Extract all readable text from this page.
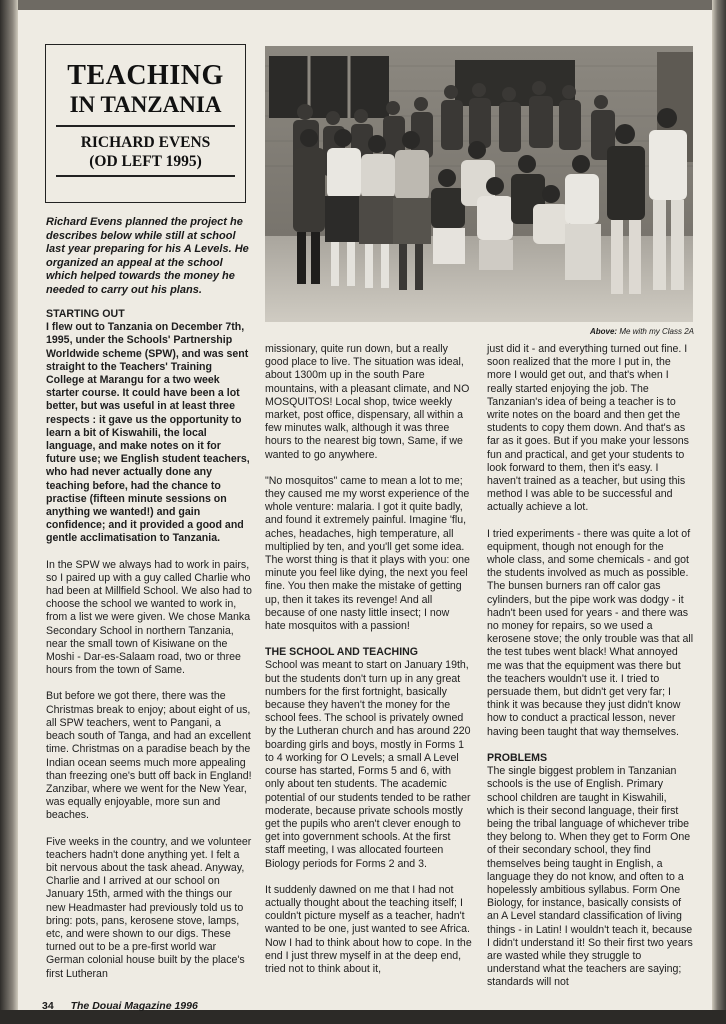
TEACHING
IN TANZANIA
RICHARD EVENS
(OD LEFT 1995)
Richard Evens planned the project he describes below while still at school last year preparing for his A Levels. He organized an appeal at the school which helped towards the money he needed to carry out his plans.
Above: Me with my Class 2A
STARTING OUT

I flew out to Tanzania on December 7th, 1995, under the Schools' Partnership Worldwide scheme (SPW), and was sent straight to the Teachers' Training College at Marangu for a two week starter course. It could have been a lot better, but was useful in at least three respects : it gave us the opportunity to learn a bit of Kiswahili, the local language, and make notes on it for future use; we English student teachers, who had never actually done any teaching before, had the chance to practise (fifteen minute sessions on anything we wanted!) and gain confidence; and it provided a good and gentle acclimatisation to Tanzania.

In the SPW we always had to work in pairs, so I paired up with a guy called Charlie who had been at Millfield School. We also had to choose the school we wanted to work in, from a list we were given. We chose Manka Secondary School in northern Tanzania, near the small town of Kisiwane on the Moshi - Dar-es-Salaam road, two or three hours from the town of Same.

But before we got there, there was the Christmas break to enjoy; about eight of us, all SPW teachers, went to Pangani, a beach south of Tanga, and had an excellent time. Christmas on a paradise beach by the Indian ocean seems much more appealing than freezing one's butt off back in England! Zanzibar, where we went for the New Year, was equally enjoyable, more sun and beaches.

Five weeks in the country, and we volunteer teachers hadn't done anything yet. I felt a bit nervous about the task ahead. Anyway, Charlie and I arrived at our school on January 15th, armed with the things our new Headmaster had previously told us to bring: pots, pans, kerosene stove, lamps, etc, and were shown to our digs. These turned out to be a pre-first world war German colonial house built by the place's first Lutheran

missionary, quite run down, but a really good place to live. The situation was ideal, about 1300m up in the south Pare mountains, with a pleasant climate, and NO MOSQUITOS! Local shop, twice weekly market, post office, dispensary, all within a few minutes walk, although it was three hours to the nearest big town, Same, if we wanted to go anywhere.

"No mosquitos" came to mean a lot to me; they caused me my worst experience of the whole venture: malaria. I got it quite badly, and found it extremely painful. Imagine 'flu, aches, headaches, high temperature, all multiplied by ten, and you'll get some idea. The worst thing is that it plays with you: one minute you feel like dying, the next you feel fine. You then make the mistake of getting up, then it takes its revenge! And all because of one nasty little insect; I now hate mosquitos with a passion!

THE SCHOOL AND TEACHING

School was meant to start on January 19th, but the students don't turn up in any great numbers for the first fortnight, basically because they haven't the money for the school fees. The school is privately owned by the Lutheran church and has around 220 boarding girls and boys, mostly in Forms 1 to 4 working for O Levels; a small A Level course has started, Forms 5 and 6, with only about ten students. The academic potential of our students tended to be rather moderate, because private schools mostly get the pupils who aren't clever enough to get into government schools. At the first staff meeting, I was allocated fourteen Biology periods for Forms 2 and 3.

It suddenly dawned on me that I had not actually thought about the teaching itself; I couldn't picture myself as a teacher, hadn't wanted to be one, just wanted to see Africa. Now I had to think about how to cope. In the end I just threw myself in at the deep end, tried not to think about it,

just did it - and everything turned out fine. I soon realized that the more I put in, the more I would get out, and that's when I really started enjoying the job. The Tanzanian's idea of being a teacher is to write notes on the board and then get the students to copy them down. And that's as far as it goes. But if you make your lessons fun and practical, and get your students to look forward to them, then it's easy. I haven't trained as a teacher, but using this method I was able to be successful and actually achieve a lot.

I tried experiments - there was quite a lot of equipment, though not enough for the whole class, and some chemicals - and got the students involved as much as possible. The bunsen burners ran off calor gas cylinders, but the pipe work was dodgy - it hadn't been used for years - and there was no money for repairs, so we used a kerosene stove; the only trouble was that all the test tubes went black! What annoyed me was that the equipment was there but the teachers wouldn't use it. I tried to persuade them, but didn't get very far; I think it was because they just didn't know how to conduct a practical lesson, never having been taught that way themselves.

PROBLEMS

The single biggest problem in Tanzanian schools is the use of English. Primary school children are taught in Kiswahili, which is their second language, their first being the tribal language of whichever tribe they belong to. When they get to Form One of their secondary school, they find themselves being taught in English, a language they do not know, and often to a hopelessly ambitious syllabus. Form One Biology, for instance, basically consists of an A Level standard classification of living things - in Latin! I wouldn't teach it, because I didn't understand it! So their first two years are wasted while they struggle to understand what the teachers are saying; standards will not

34 The Douai Magazine 1996
